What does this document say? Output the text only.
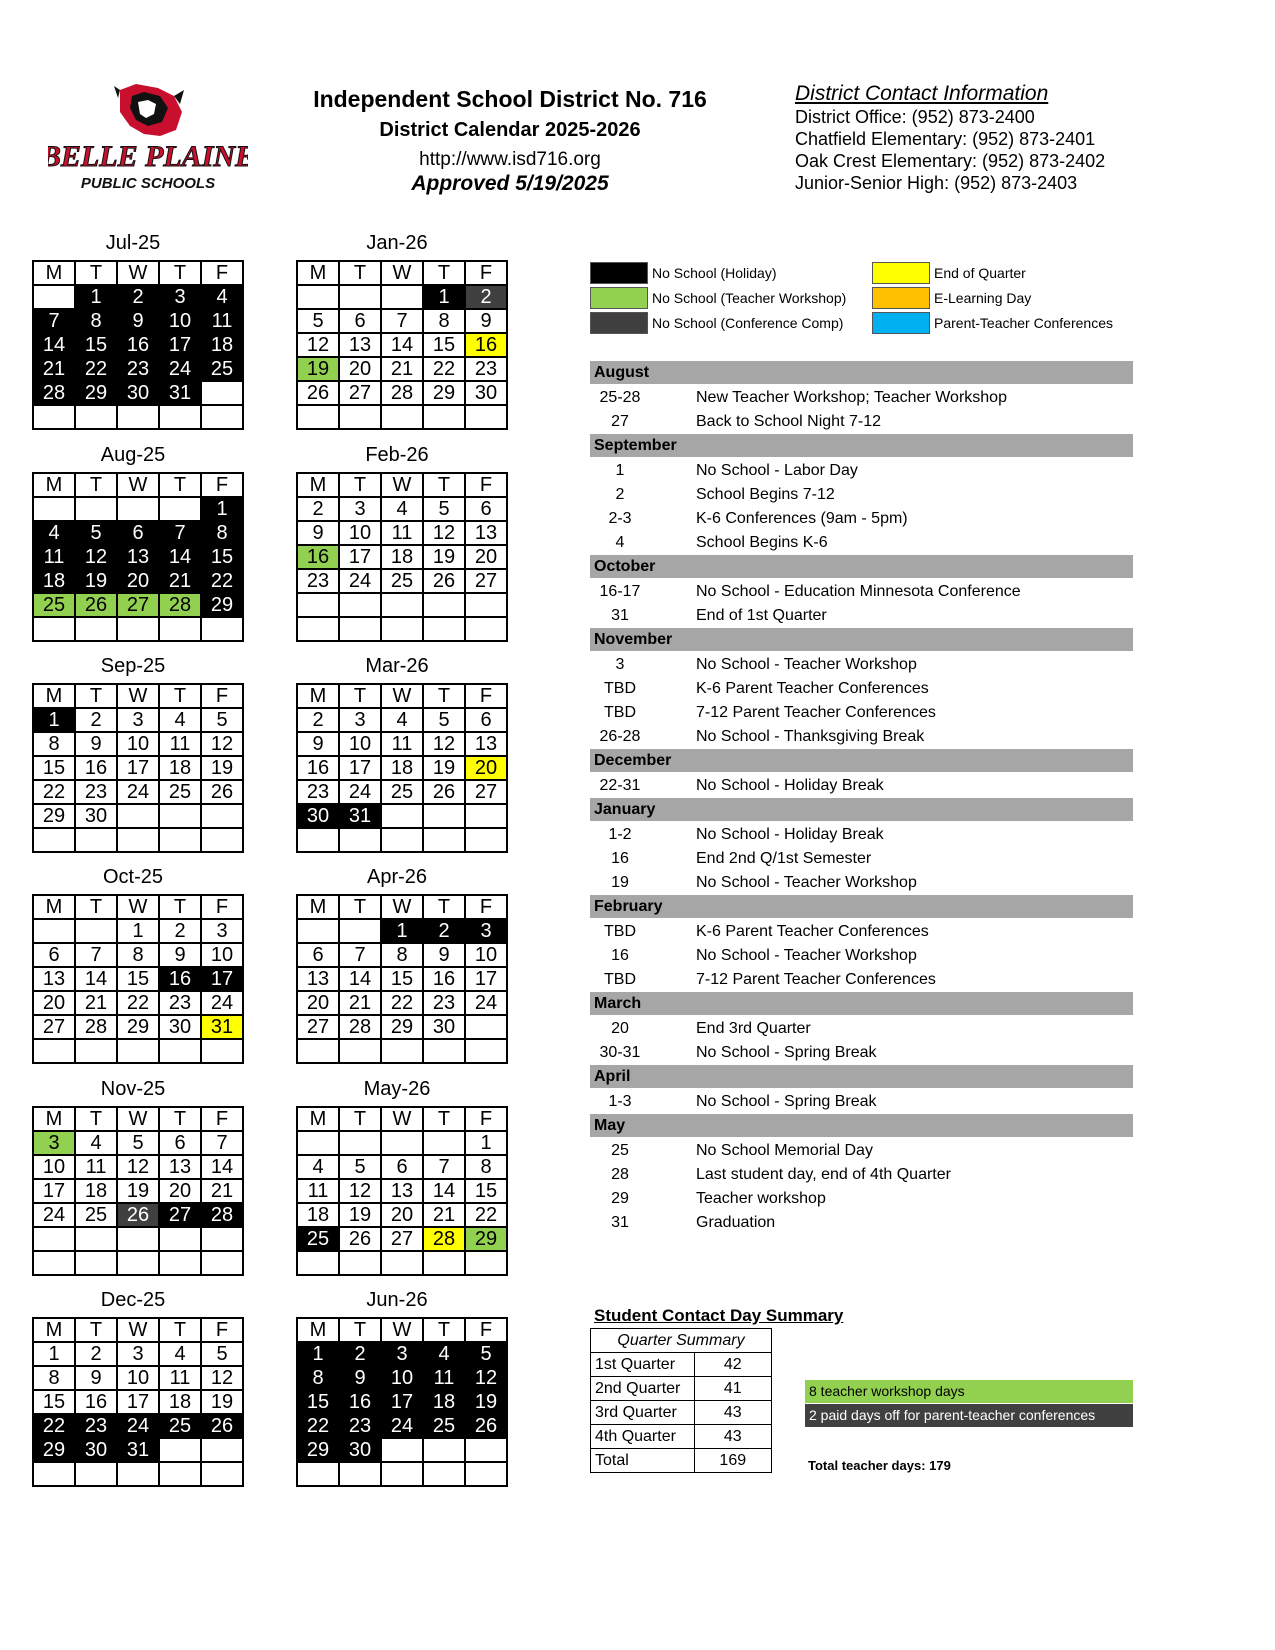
BELLE PLAINE
PUBLIC SCHOOLS
Independent School District No. 716
District Calendar 2025-2026
http://www.isd716.org
Approved 5/19/2025
District Contact Information
District Office: (952) 873-2400
Chatfield Elementary: (952) 873-2401
Oak Crest Elementary: (952) 873-2402
Junior-Senior High: (952) 873-2403
Jul-25
M	T	W	T	F
	1	2	3	4
7	8	9	10	11
14	15	16	17	18
21	22	23	24	25
28	29	30	31	

Jan-26
M	T	W	T	F
			1	2
5	6	7	8	9
12	13	14	15	16
19	20	21	22	23
26	27	28	29	30

Aug-25
M	T	W	T	F
				1
4	5	6	7	8
11	12	13	14	15
18	19	20	21	22
25	26	27	28	29

Feb-26
M	T	W	T	F
2	3	4	5	6
9	10	11	12	13
16	17	18	19	20
23	24	25	26	27

Sep-25
M	T	W	T	F
1	2	3	4	5
8	9	10	11	12
15	16	17	18	19
22	23	24	25	26
29	30			

Mar-26
M	T	W	T	F
2	3	4	5	6
9	10	11	12	13
16	17	18	19	20
23	24	25	26	27
30	31			

Oct-25
M	T	W	T	F
		1	2	3
6	7	8	9	10
13	14	15	16	17
20	21	22	23	24
27	28	29	30	31

Apr-26
M	T	W	T	F
		1	2	3
6	7	8	9	10
13	14	15	16	17
20	21	22	23	24
27	28	29	30	

Nov-25
M	T	W	T	F
3	4	5	6	7
10	11	12	13	14
17	18	19	20	21
24	25	26	27	28

May-26
M	T	W	T	F
				1
4	5	6	7	8
11	12	13	14	15
18	19	20	21	22
25	26	27	28	29

Dec-25
M	T	W	T	F
1	2	3	4	5
8	9	10	11	12
15	16	17	18	19
22	23	24	25	26
29	30	31		

Jun-26
M	T	W	T	F
1	2	3	4	5
8	9	10	11	12
15	16	17	18	19
22	23	24	25	26
29	30			

No School (Holiday)
No School (Teacher Workshop)
No School (Conference Comp)
End of Quarter
E-Learning Day
Parent-Teacher Conferences
August
25-28	New Teacher Workshop; Teacher Workshop
27	Back to School Night 7-12
September
1	No School - Labor Day
2	School Begins 7-12
2-3	K-6 Conferences (9am - 5pm)
4	School Begins K-6
October
16-17	No School - Education Minnesota Conference
31	End of 1st Quarter
November
3	No School - Teacher Workshop
TBD	K-6 Parent Teacher Conferences
TBD	7-12 Parent Teacher Conferences
26-28	No School - Thanksgiving Break
December
22-31	No School - Holiday Break
January
1-2	No School - Holiday Break
16	End 2nd Q/1st Semester
19	No School - Teacher Workshop
February
TBD	K-6 Parent Teacher Conferences
16	No School - Teacher Workshop
TBD	7-12 Parent Teacher Conferences
March
20	End 3rd Quarter
30-31	No School - Spring Break
April
1-3	No School - Spring Break
May
25	No School Memorial Day
28	Last student day, end of 4th Quarter
29	Teacher workshop
31	Graduation
Student Contact Day Summary
Quarter Summary	
1st Quarter	42
2nd Quarter	41
3rd Quarter	43
4th Quarter	43
Total	169
8 teacher workshop days
2 paid days off for parent-teacher conferences
Total teacher days: 179
